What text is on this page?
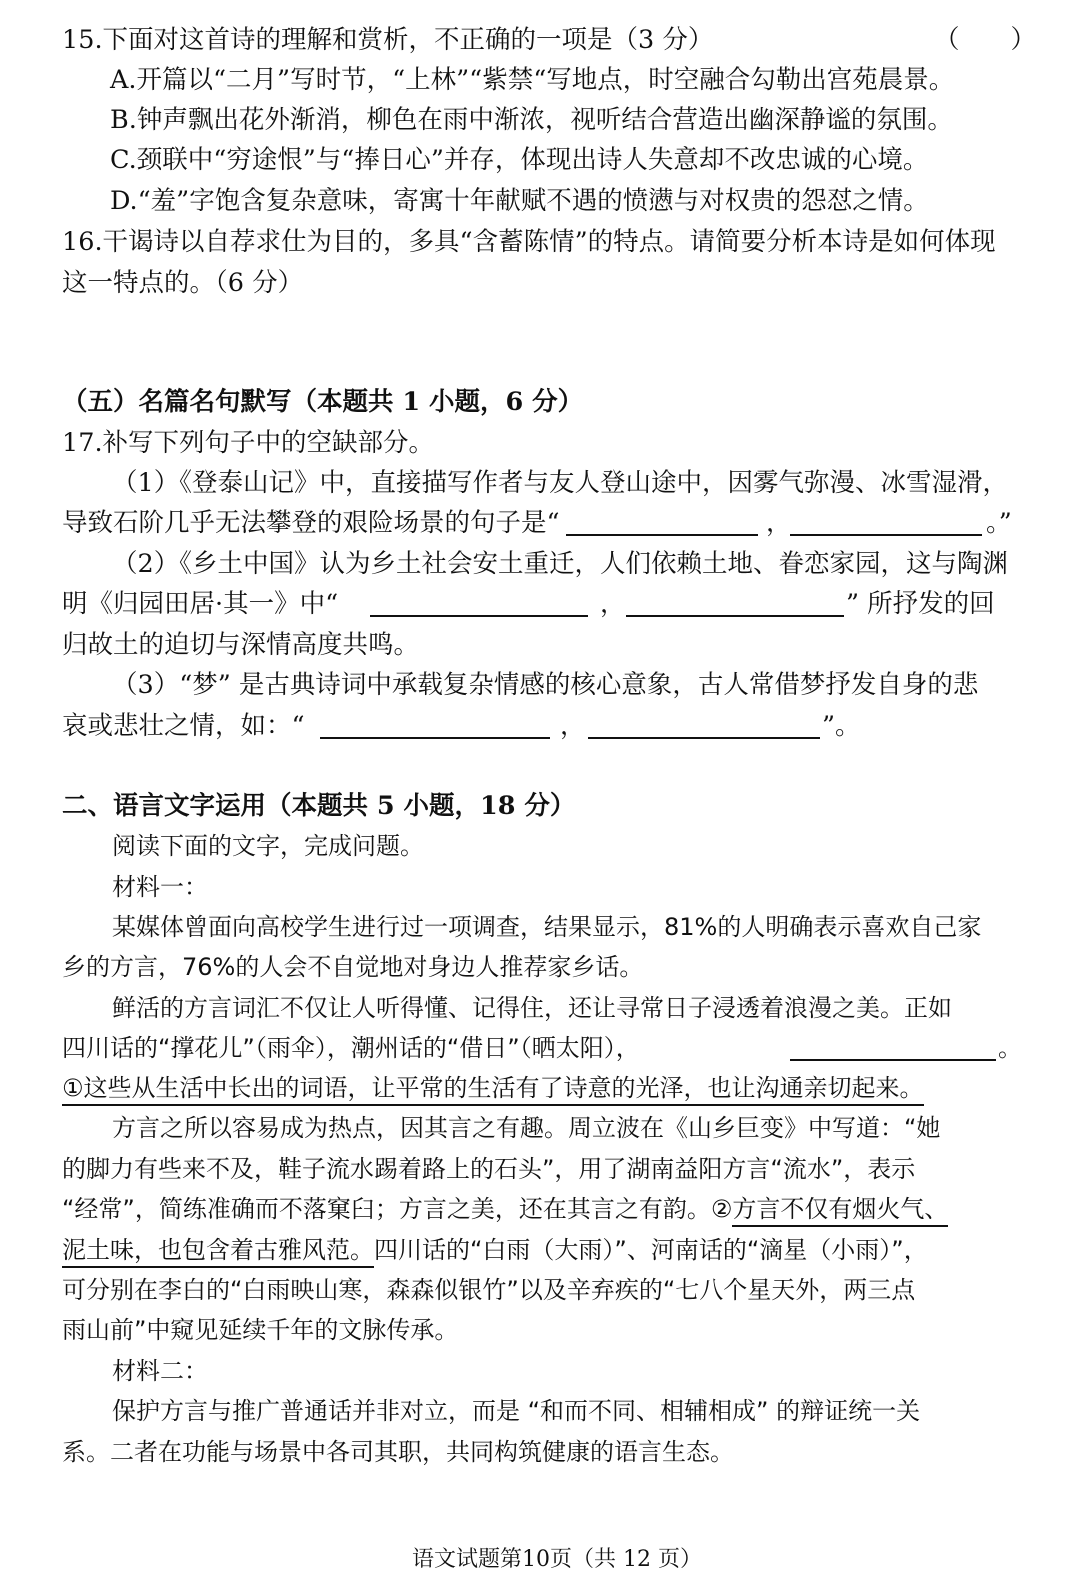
15.下面对这首诗的理解和赏析，不正确的一项是（3 分）	（　　）
A.开篇以“二月”写时节，“上林”“紫禁“写地点，时空融合勾勒出宫苑晨景。
B.钟声飘出花外渐消，柳色在雨中渐浓，视听结合营造出幽深静谧的氛围。
C.颈联中“穷途恨”与“捧日心”并存，体现出诗人失意却不改忠诚的心境。
D.“羞”字饱含复杂意味，寄寓十年献赋不遇的愤懑与对权贵的怨怼之情。
16.干谒诗以自荐求仕为目的，多具“含蓄陈情”的特点。请简要分析本诗是如何体现
这一特点的。（6 分）
（五）名篇名句默写（本题共 1 小题，6 分）
17.补写下列句子中的空缺部分。
（1）《登泰山记》中，直接描写作者与友人登山途中，因雾气弥漫、冰雪湿滑，
导致石阶几乎无法攀登的艰险场景的句子是“	，	。”
（2）《乡土中国》认为乡土社会安土重迁，人们依赖土地、眷恋家园，这与陶渊
明《归园田居·其一》中“	，	” 所抒发的回
归故土的迫切与深情高度共鸣。
（3）“梦” 是古典诗词中承载复杂情感的核心意象，古人常借梦抒发自身的悲
哀或悲壮之情，如：“	，	”。
二、语言文字运用（本题共 5 小题，18 分）
阅读下面的文字，完成问题。
材料一：
某媒体曾面向高校学生进行过一项调查，结果显示，81%的人明确表示喜欢自己家
乡的方言，76%的人会不自觉地对身边人推荐家乡话。
鲜活的方言词汇不仅让人听得懂、记得住，还让寻常日子浸透着浪漫之美。正如
四川话的“撑花儿”（雨伞），潮州话的“借日”（晒太阳），	。
①这些从生活中长出的词语，让平常的生活有了诗意的光泽，也让沟通亲切起来。
方言之所以容易成为热点，因其言之有趣。周立波在《山乡巨变》中写道：“她
的脚力有些来不及，鞋子流水踢着路上的石头”，用了湖南益阳方言“流水”，表示
“经常”，简练准确而不落窠臼；方言之美，还在其言之有韵。②方言不仅有烟火气、
泥土味，也包含着古雅风范。四川话的“白雨（大雨）”、河南话的“滴星（小雨）”，
可分别在李白的“白雨映山寒，森森似银竹”以及辛弃疾的“七八个星天外，两三点
雨山前”中窥见延续千年的文脉传承。
材料二：
保护方言与推广普通话并非对立，而是 “和而不同、相辅相成” 的辩证统一关
系。二者在功能与场景中各司其职，共同构筑健康的语言生态。
语文试题第10页（共 12 页）
